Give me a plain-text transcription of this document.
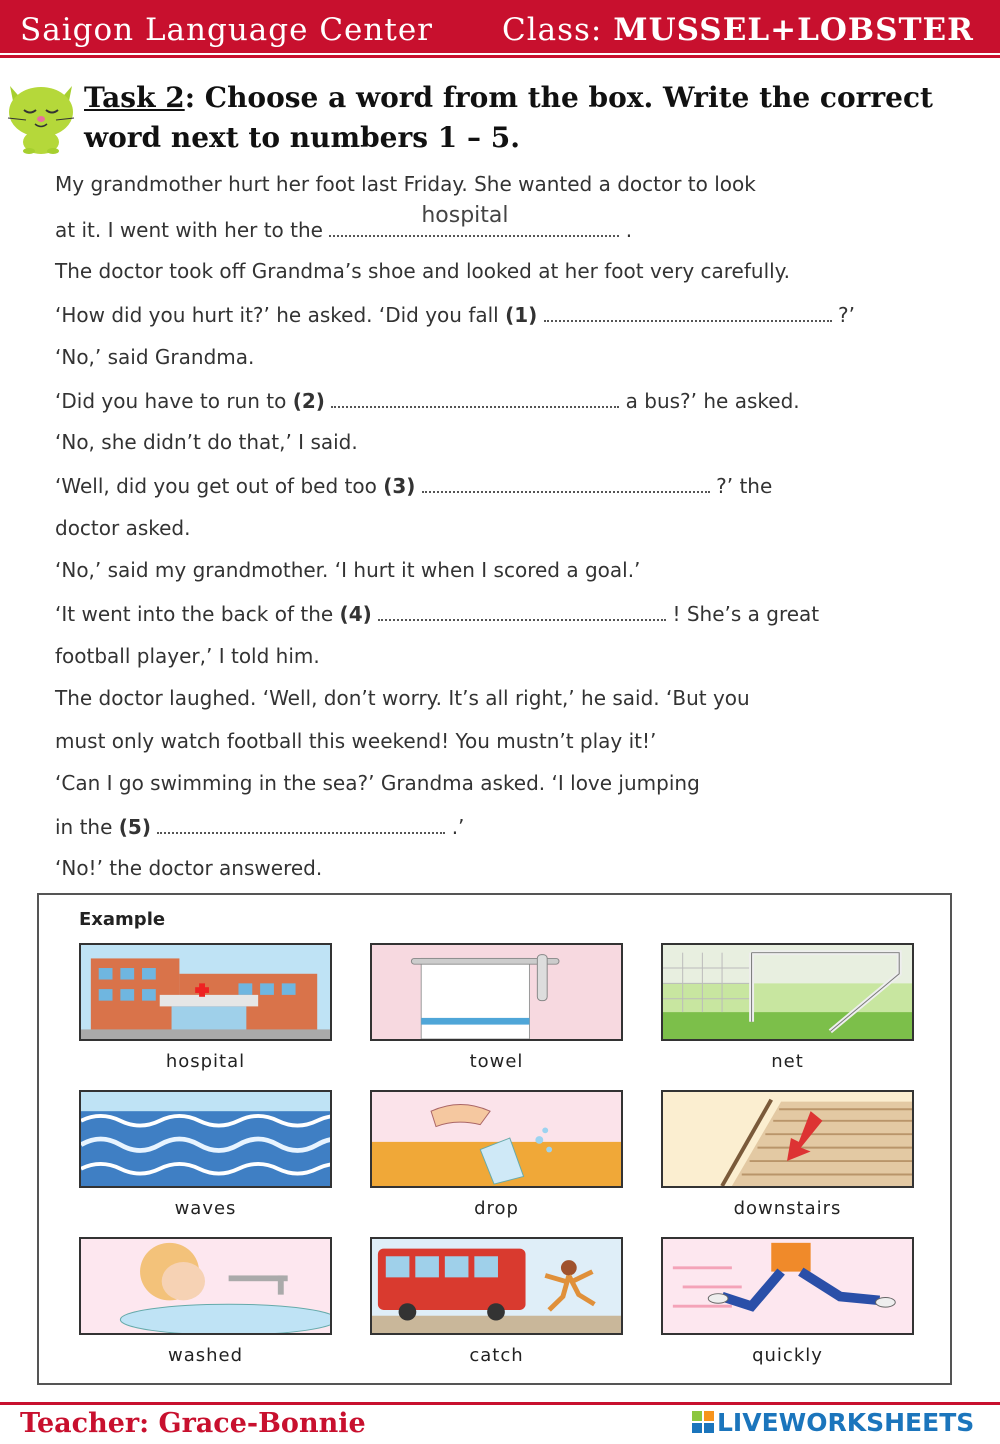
Saigon Language Center Class: MUSSEL+LOBSTER
Task 2: Choose a word from the box. Write the correct word next to numbers 1 – 5.
My grandmother hurt her foot last Friday. She wanted a doctor to look
at it. I went with her to the
hospital
.
The doctor took off Grandma’s shoe and looked at her foot very carefully.
‘How did you hurt it?’ he asked. ‘Did you fall (1)	?’
‘No,’ said Grandma.
‘Did you have to run to (2)	a bus?’ he asked.
‘No, she didn’t do that,’ I said.
‘Well, did you get out of bed too (3)	?’ the
doctor asked.
‘No,’ said my grandmother. ‘I hurt it when I scored a goal.’
‘It went into the back of the (4)	! She’s a great
football player,’ I told him.
The doctor laughed. ‘Well, don’t worry. It’s all right,’ he said. ‘But you
must only watch football this weekend! You mustn’t play it!’
‘Can I go swimming in the sea?’ Grandma asked. ‘I love jumping
in the (5)	.’
‘No!’ the doctor answered.
Example
hospital	towel	net
waves	drop	downstairs
washed	catch	quickly
Teacher: Grace-Bonnie	LIVEWORKSHEETS
